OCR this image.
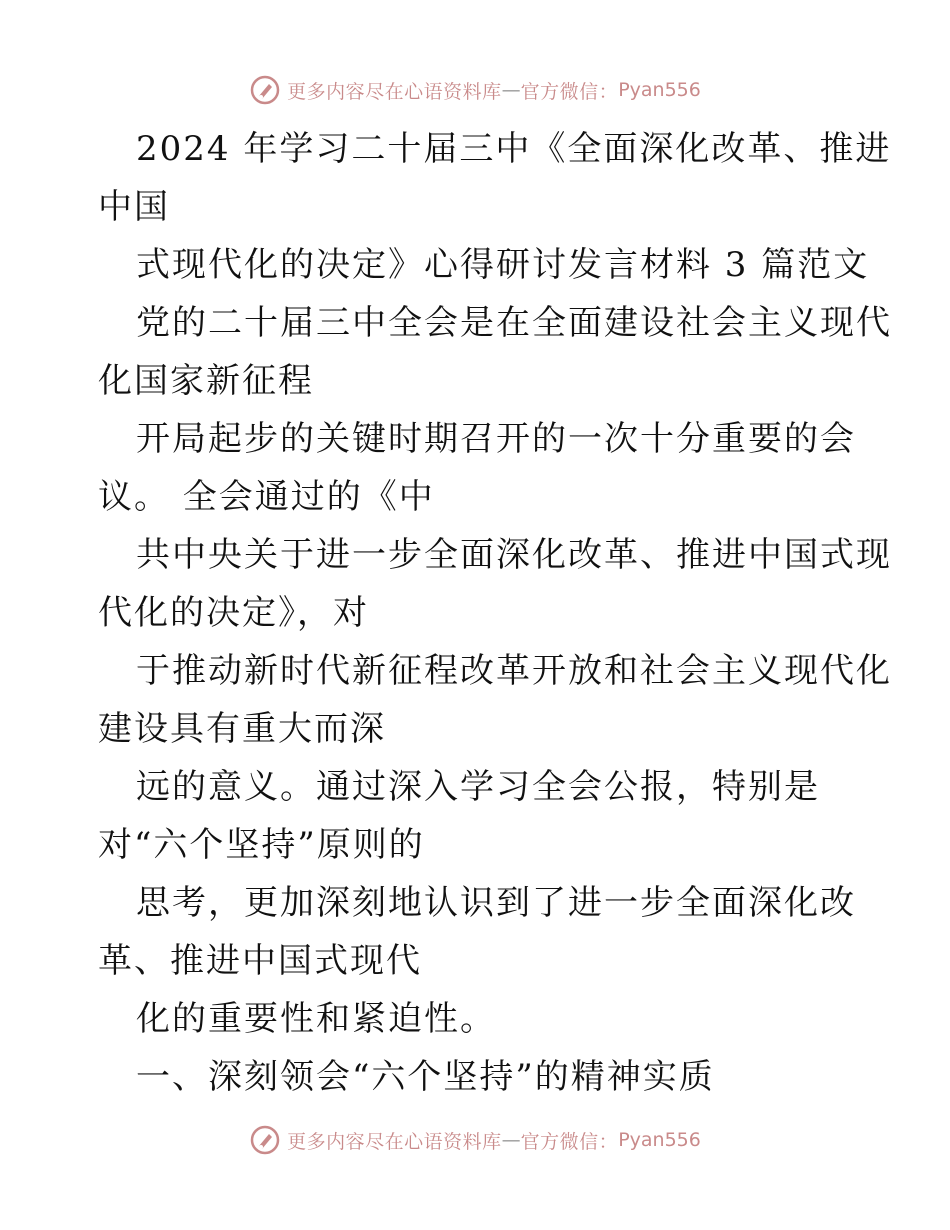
更多内容尽在心语资料库 — 官方微信： Pyan556
2024 年学习二十届三中《全面深化改革、推进
中国
式现代化的决定》心得研讨发言材料 3 篇范文
党的二十届三中全会是在全面建设社会主义现代
化国家新征程
开局起步的关键时期召开的一次十分重要的会
议。 全会通过的《中
共中央关于进一步全面深化改革、推进中国式现
代化的决定》，对
于推动新时代新征程改革开放和社会主义现代化
建设具有重大而深
远的意义。通过深入学习全会公报，特别是
对“六个坚持”原则的
思考，更加深刻地认识到了进一步全面深化改
革、推进中国式现代
化的重要性和紧迫性。
一、深刻领会“六个坚持”的精神实质
更多内容尽在心语资料库 — 官方微信： Pyan556
